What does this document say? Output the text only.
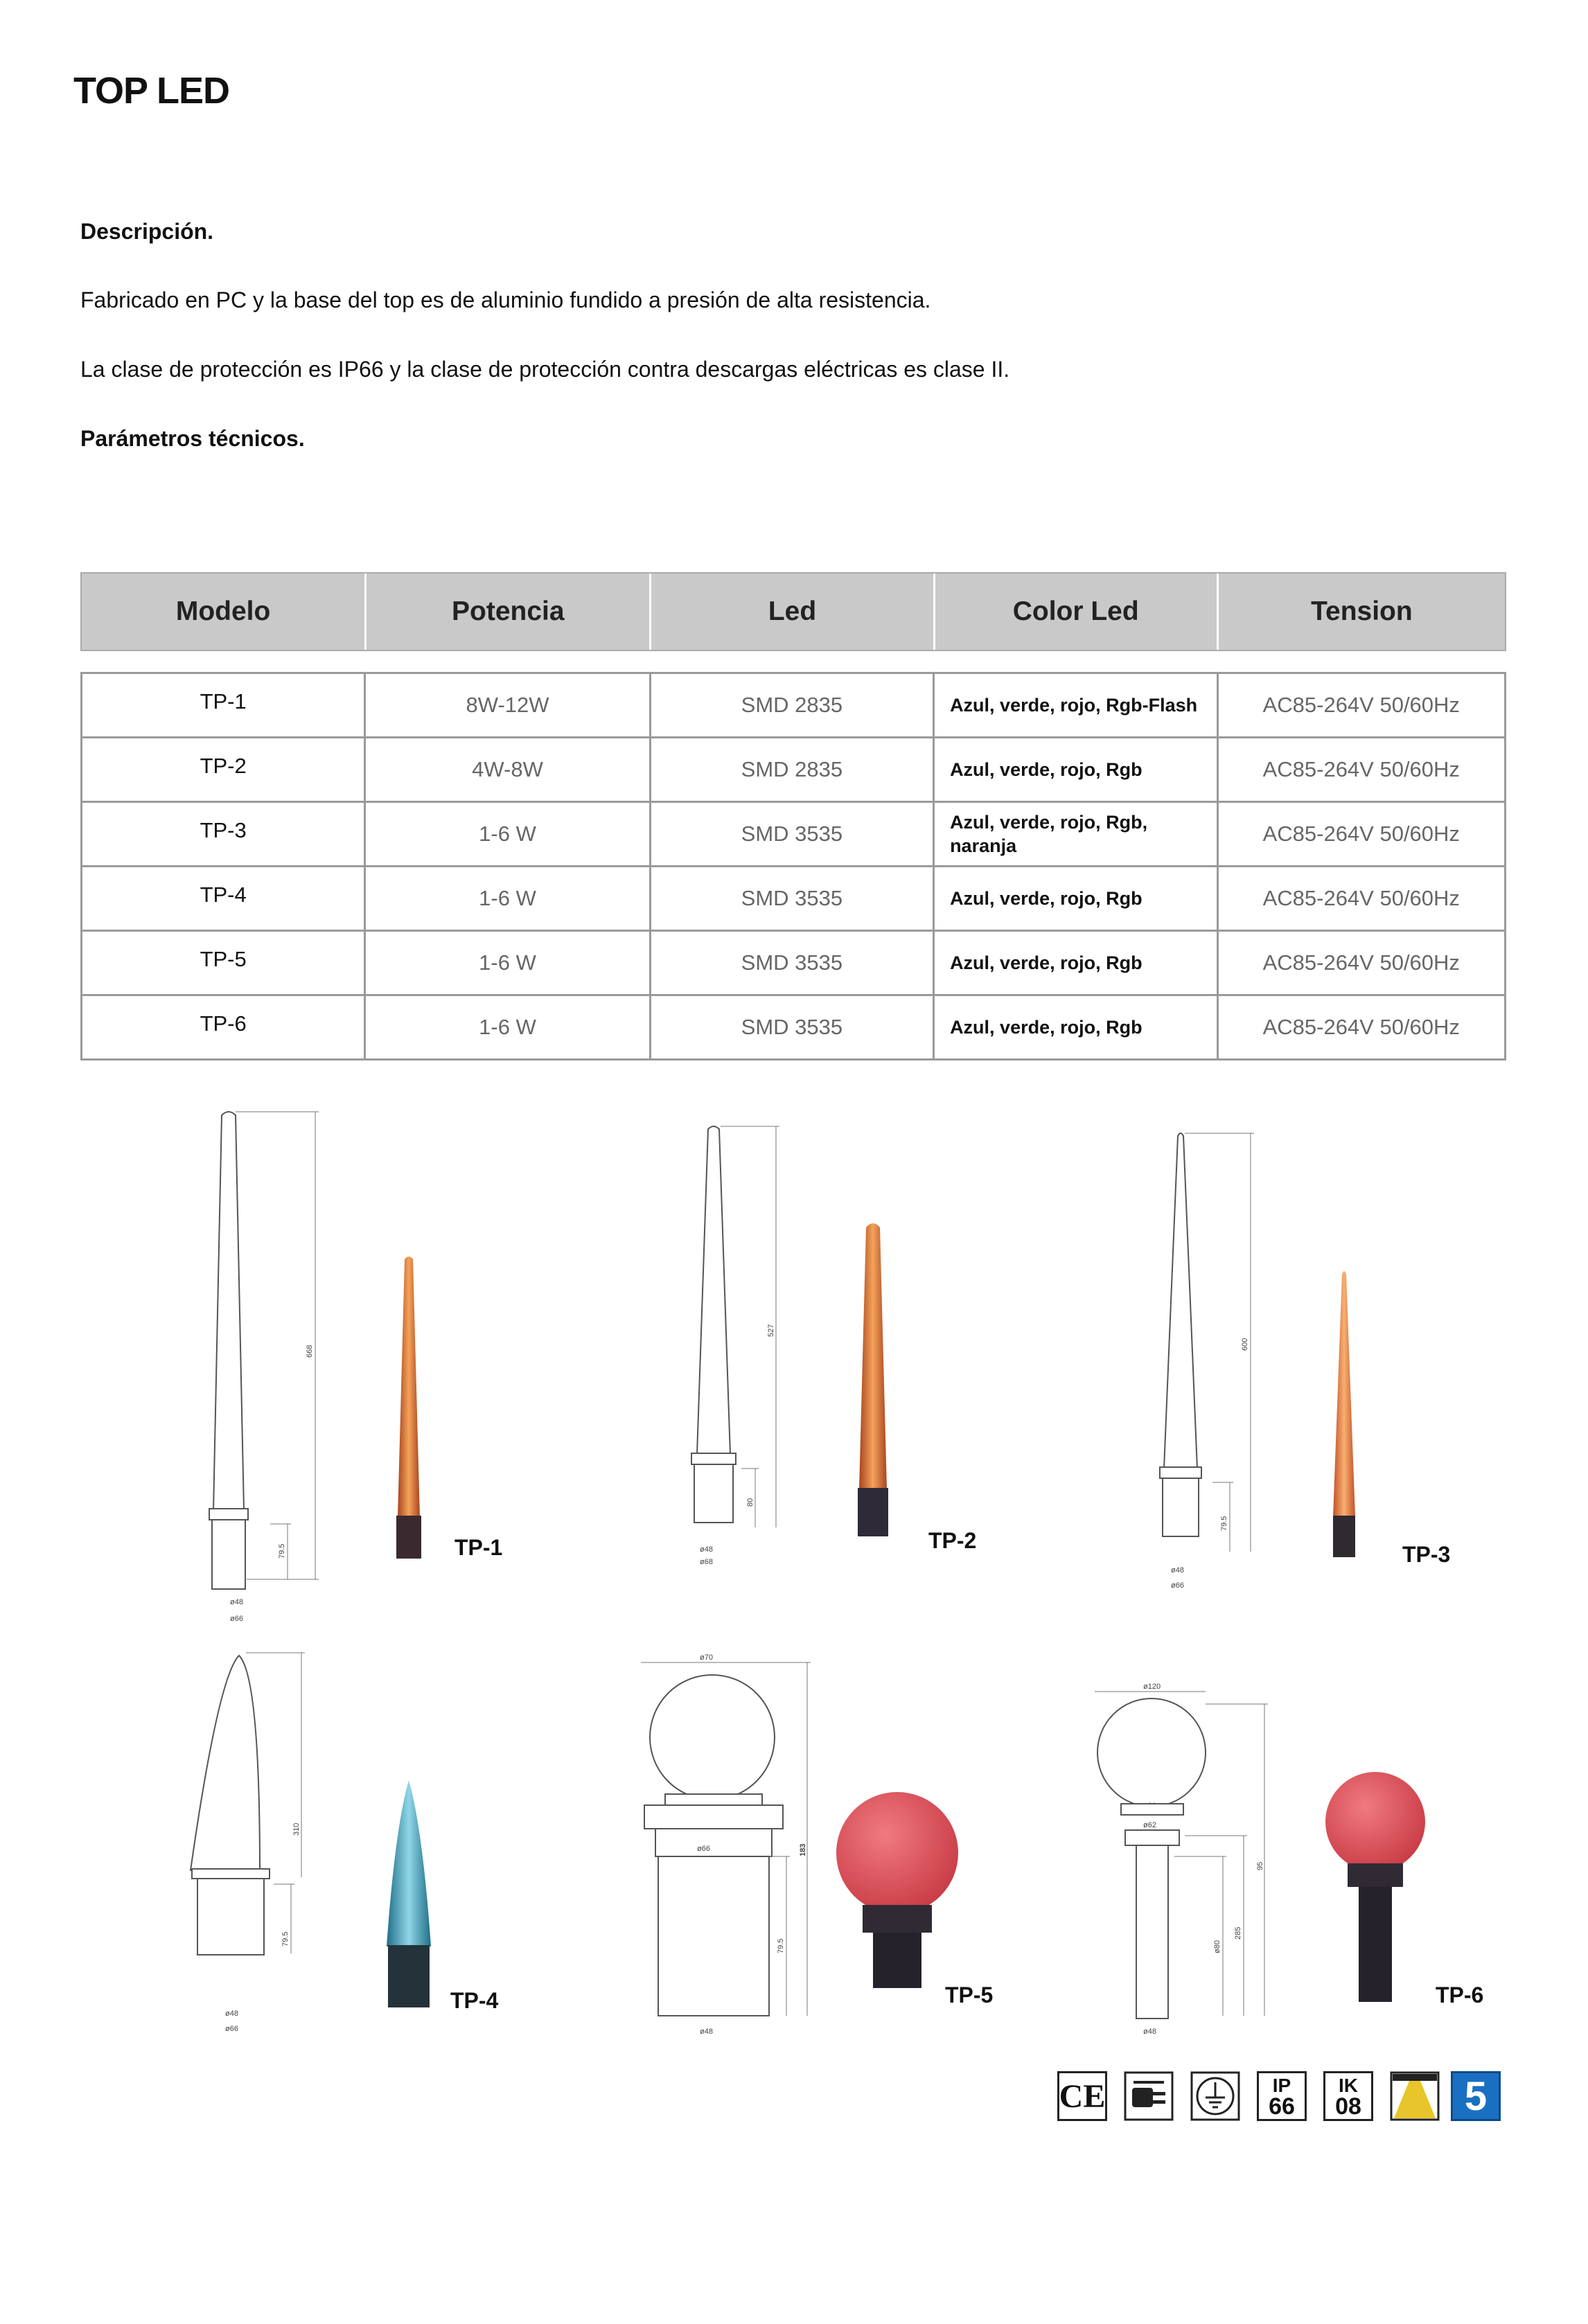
TOP LED
Descripción.
Fabricado en PC y la base del top es de aluminio fundido a presión de alta resistencia.
La clase de protección es IP66 y la clase de protección contra descargas eléctricas es clase II.
Parámetros técnicos.
Modelo	Potencia	Led	Color Led	Tension
TP-1	8W-12W	SMD 2835	Azul, verde, rojo, Rgb-Flash	AC85-264V 50/60Hz
TP-2	4W-8W	SMD 2835	Azul, verde, rojo, Rgb	AC85-264V 50/60Hz
TP-3	1-6 W	SMD 3535	Azul, verde, rojo, Rgb, naranja	AC85-264V 50/60Hz
TP-4	1-6 W	SMD 3535	Azul, verde, rojo, Rgb	AC85-264V 50/60Hz
TP-5	1-6 W	SMD 3535	Azul, verde, rojo, Rgb	AC85-264V 50/60Hz
TP-6	1-6 W	SMD 3535	Azul, verde, rojo, Rgb	AC85-264V 50/60Hz
668
79.5
ø48
ø66
TP-1
527
80
ø48
ø68
TP-2
600
79.5
ø48
ø66
TP-3
310
79.5
ø48
ø66
TP-4
ø70
ø66	183
79.5
ø48
TP-5
ø120
ø62
95
285
ø80
ø48
TP-6
CE	IP
66
IK
08	5
